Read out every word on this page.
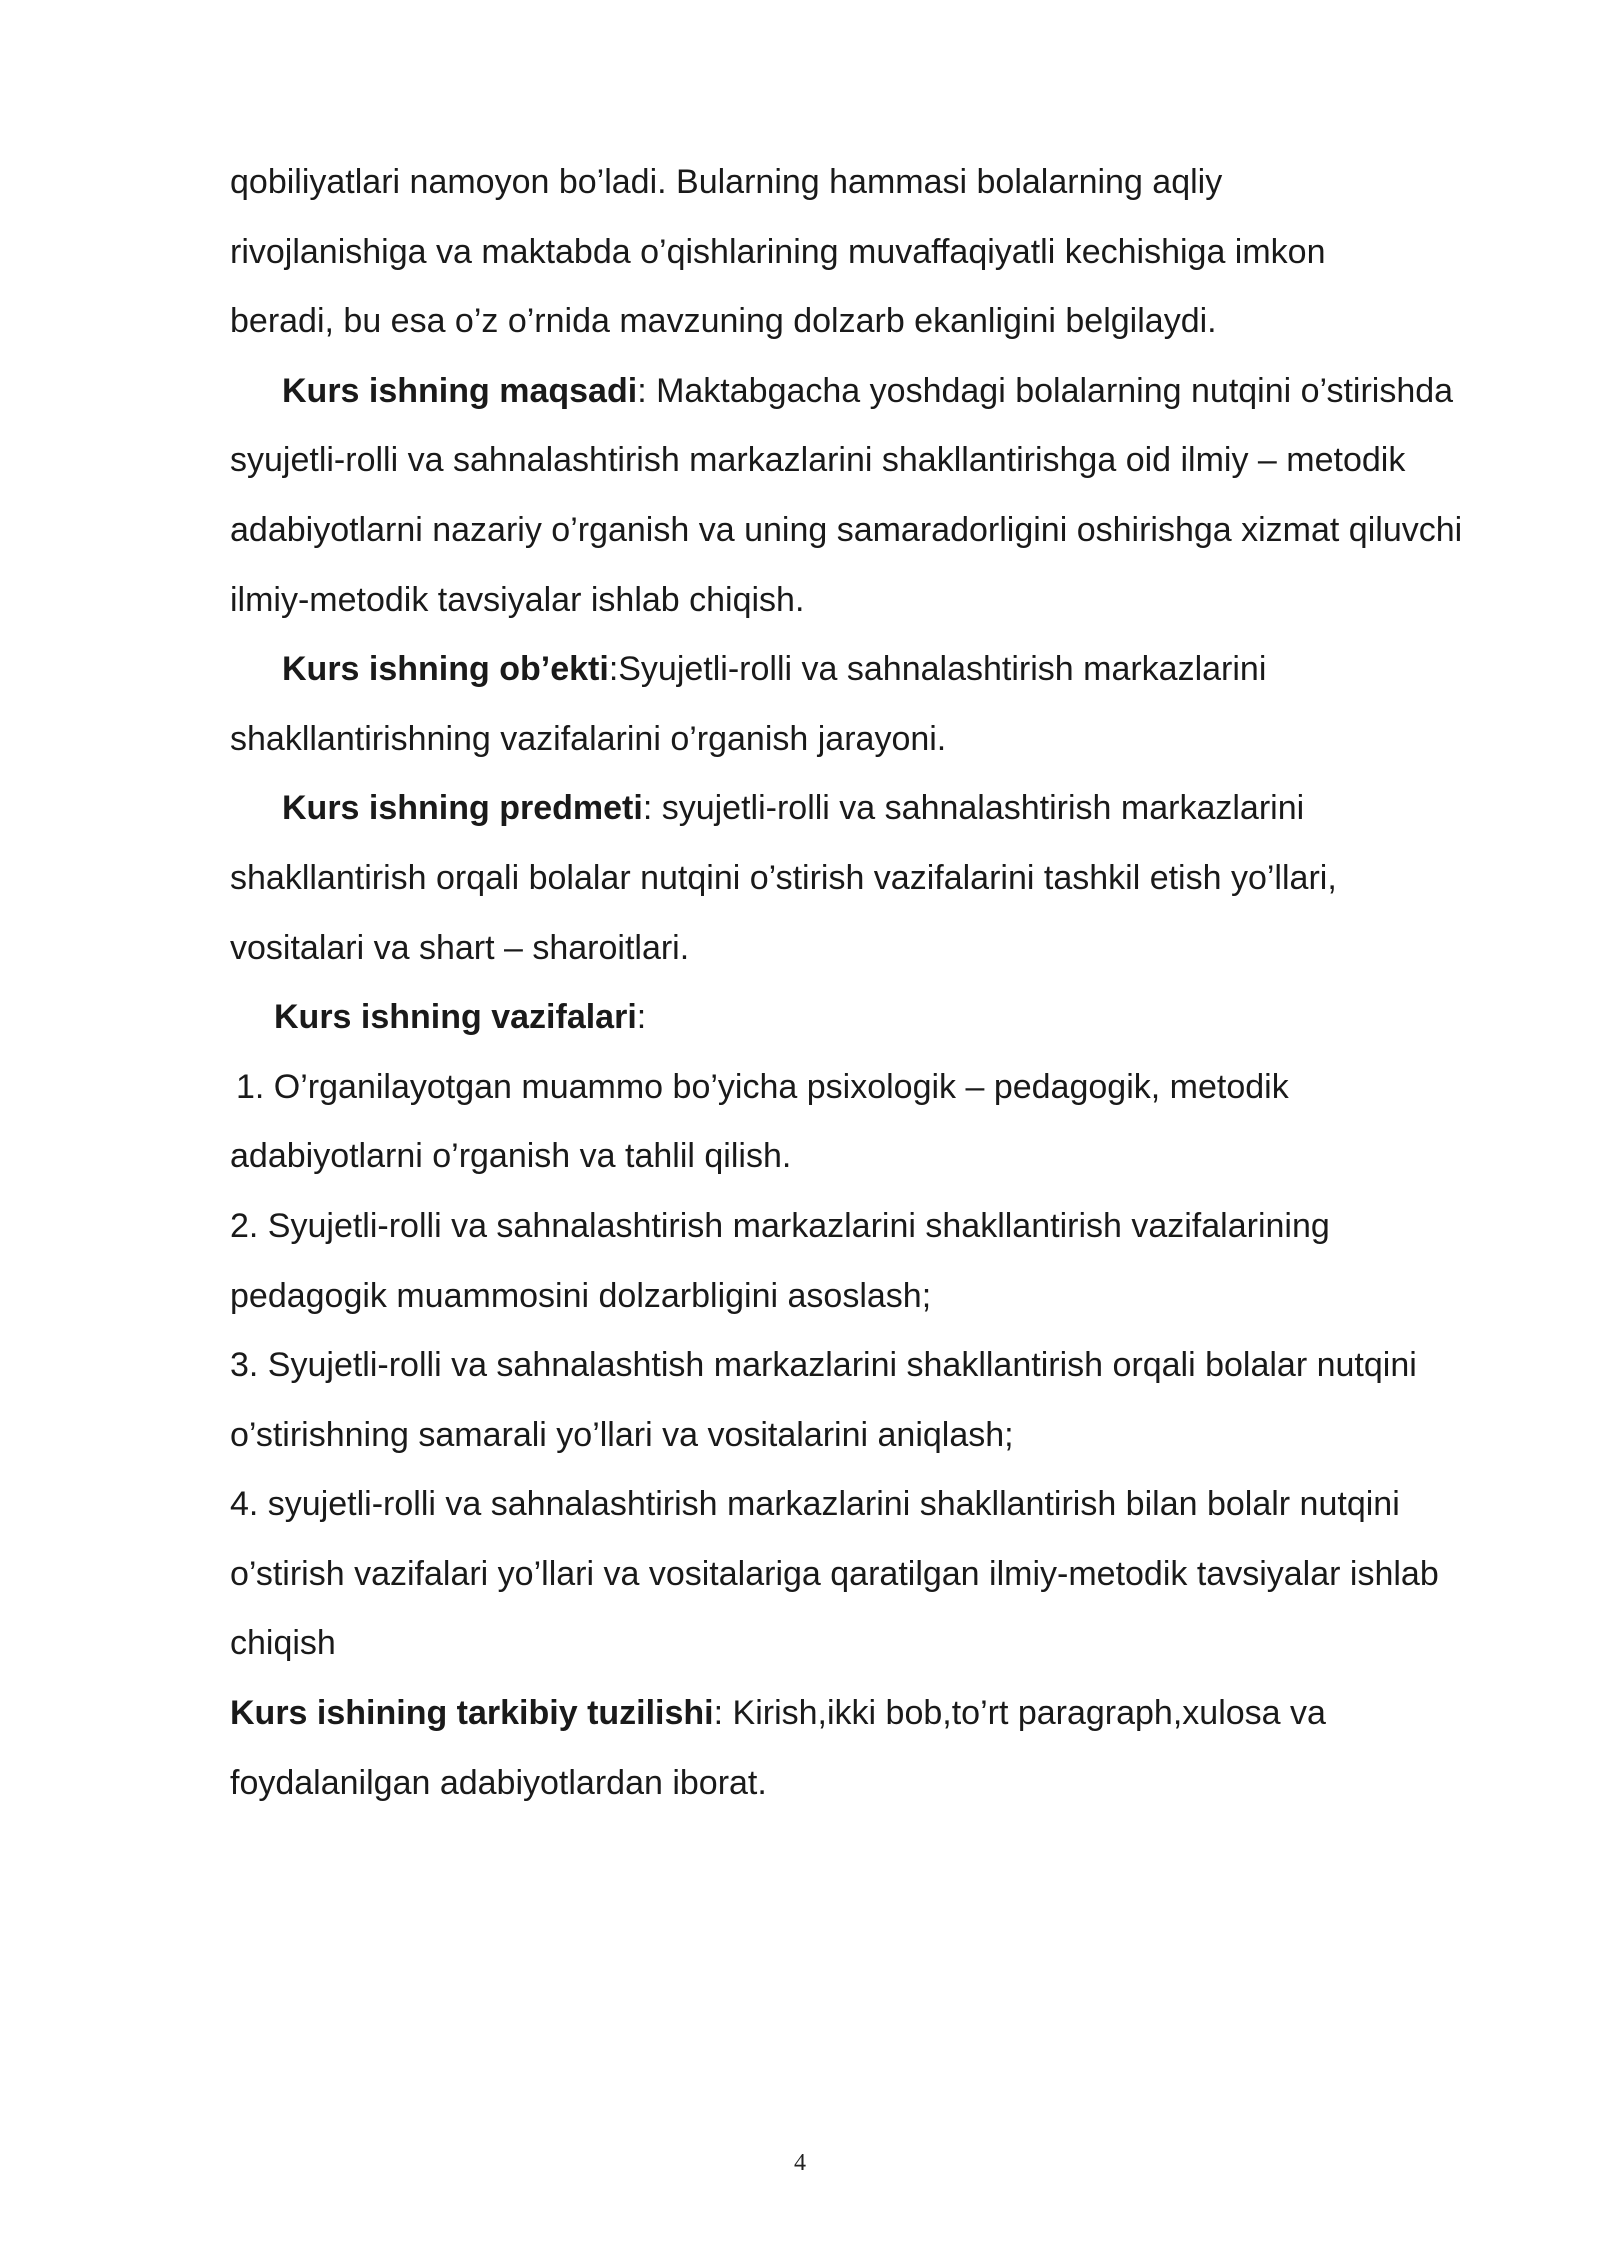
qobiliyatlari namoyon bo’ladi. Bularning hammasi bolalarning aqliy
rivojlanishiga va maktabda o’qishlarining muvaffaqiyatli kechishiga imkon
beradi, bu esa o’z o’rnida mavzuning dolzarb ekanligini belgilaydi.
Kurs ishning maqsadi: Maktabgacha yoshdagi bolalarning nutqini o’stirishda
syujetli-rolli va sahnalashtirish markazlarini shakllantirishga oid ilmiy – metodik
adabiyotlarni nazariy o’rganish va uning samaradorligini oshirishga xizmat qiluvchi
ilmiy-metodik tavsiyalar ishlab chiqish.
Kurs ishning ob’ekti:Syujetli-rolli va sahnalashtirish markazlarini
shakllantirishning vazifalarini o’rganish jarayoni.
Kurs ishning predmeti: syujetli-rolli va sahnalashtirish markazlarini
shakllantirish orqali bolalar nutqini o’stirish vazifalarini tashkil etish yo’llari,
vositalari va shart – sharoitlari.
Kurs ishning vazifalari:
1. O’rganilayotgan muammo bo’yicha psixologik – pedagogik, metodik
adabiyotlarni o’rganish va tahlil qilish.
2. Syujetli-rolli va sahnalashtirish markazlarini shakllantirish vazifalarining
pedagogik muammosini dolzarbligini asoslash;
3. Syujetli-rolli va sahnalashtish markazlarini shakllantirish orqali bolalar nutqini
o’stirishning samarali yo’llari va vositalarini aniqlash;
4. syujetli-rolli va sahnalashtirish markazlarini shakllantirish bilan bolalr nutqini
o’stirish vazifalari yo’llari va vositalariga qaratilgan ilmiy-metodik tavsiyalar ishlab
chiqish
Kurs ishining tarkibiy tuzilishi: Kirish,ikki bob,to’rt paragraph,xulosa va
foydalanilgan adabiyotlardan iborat.
4
